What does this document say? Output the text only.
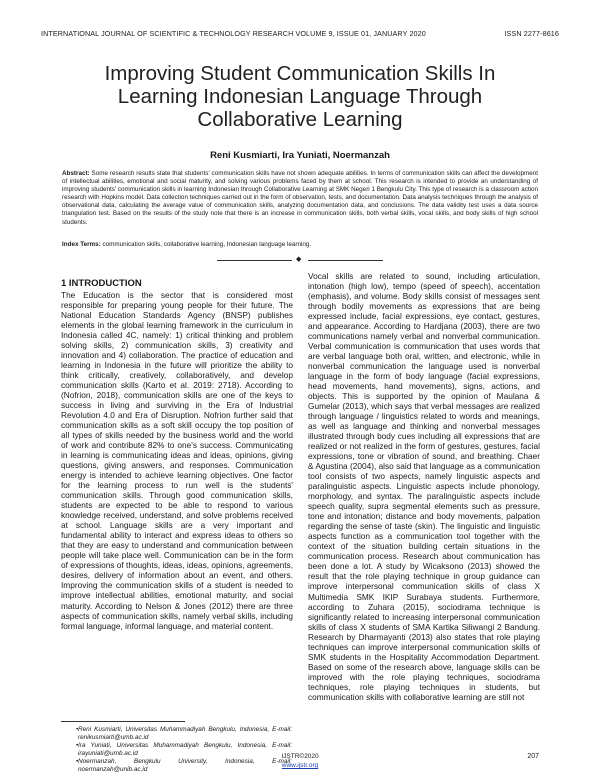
INTERNATIONAL JOURNAL OF SCIENTIFIC & TECHNOLOGY RESEARCH VOLUME 9, ISSUE 01, JANUARY 2020	ISSN 2277-8616
Improving Student Communication Skills In
Learning Indonesian Language Through
Collaborative Learning
Reni Kusmiarti, Ira Yuniati, Noermanzah
Abstract: Some research results state that students' communication skills have not shown adequate abilities. In terms of communication skills can affect the development of intellectual abilities, emotional and social maturity, and solving various problems faced by them at school. This research is intended to provide an understanding of improving students' communication skills in learning Indonesian through Collaborative Learning at SMK Negeri 1 Bengkulu City. This type of research is a classroom action research with Hopkins model. Data collection techniques carried out in the form of observation, tests, and documentation. Data analysis techniques through the analysis of observational data, calculating the average value of communication skills, analyzing documentation data, and conclusions. The data validity test uses a data source triangulation test. Based on the results of the study note that there is an increase in communication skills, both verbal skills, vocal skills, and body skills of high school students.
Index Terms: communication skills, collaborative learning, Indonesian language learning.
◆
1 INTRODUCTION

The Education is the sector that is considered most responsible for preparing young people for their future. The National Education Standards Agency (BNSP) publishes elements in the global learning framework in the curriculum in Indonesia called 4C, namely: 1) critical thinking and problem solving skills, 2) communication skills, 3) creativity and innovation and 4) collaboration. The practice of education and learning in Indonesia in the future will prioritize the ability to think critically, creatively, collaboratively, and develop communication skills (Karto et al. 2019: 2718). According to (Nofrion, 2018), communication skills are one of the keys to success in living and surviving in the Era of Industrial Revolution 4.0 and Era of Disruption. Nofrion further said that communication skills as a soft skill occupy the top position of all types of skills needed by the business world and the world of work and contribute 82% to one's success. Communicating in learning is communicating ideas and ideas, opinions, giving questions, giving answers, and responses. Communication energy is intended to achieve learning objectives. One factor for the learning process to run well is the students' communication skills. Through good communication skills, students are expected to be able to respond to various knowledge received, understand, and solve problems received at school. Language skills are a very important and fundamental ability to interact and express ideas to others so that they are easy to understand and communication between people will take place well. Communication can be in the form of expressions of thoughts, ideas, ideas, opinions, agreements, desires, delivery of information about an event, and others. Improving the communication skills of a student is needed to improve intellectual abilities, emotional maturity, and social maturity. According to Nelson & Jones (2012) there are three aspects of communication skills, namely verbal skills, including formal language, informal language, and material content.

Vocal skills are related to sound, including articulation, intonation (high low), tempo (speed of speech), accentation (emphasis), and volume. Body skills consist of messages sent through bodily movements as expressions that are being expressed include, facial expressions, eye contact, gestures, and appearance. According to Hardjana (2003), there are two communications namely verbal and nonverbal communication. Verbal communication is communication that uses words that are verbal language both oral, written, and electronic, while in nonverbal communication the language used is nonverbal language in the form of body language (facial expressions, head movements, hand movements), signs, actions, and objects. This is supported by the opinion of Maulana & Gumelar (2013), which says that verbal messages are realized through language / linguistics related to words and meanings, as well as language and thinking and nonverbal messages illustrated through body cues including all expressions that are realized or not realized in the form of gestures, gestures, facial expressions, tone or vibration of sound, and breathing. Chaer & Agustina (2004), also said that language as a communication tool consists of two aspects, namely linguistic aspects and paralinguistic aspects. Linguistic aspects include phonology, morphology, and syntax. The paralinguistic aspects include speech quality, supra segmental elements such as pressure, tone and intonation; distance and body movements, palpation regarding the sense of taste (skin). The linguistic and linguistic aspects function as a communication tool together with the context of the situation building certain situations in the communication process. Research about communication has been done a lot. A study by Wicaksono (2013) showed the result that the role playing technique in group guidance can improve interpersonal communication skills of class X Multimedia SMK IKIP Surabaya students. Furthermore, according to Zuhara (2015), sociodrama technique is significantly related to increasing interpersonal communication skills of class X students of SMA Kartika Siliwangi 2 Bandung. Research by Dharmayanti (2013) also states that role playing techniques can improve interpersonal communication skills of SMK students in the Hospitality Accommodation Department. Based on some of the research above, language skills can be improved with the role playing techniques, sociodrama techniques, role playing techniques in students, but communication skills with collaborative learning are still not

• Reni Kusmiarti, Universitas Muhammadiyah Bengkulu, Indonesia, E-mail: renikusmiarti@umb.ac.id
• Ira Yuniati, Universitas Muhammadiyah Bengkulu, Indonesia, E-mail: irayuniati@umb.ac.id
• Noermanzah, Bengkulu University, Indonesia, E-mail: noermanzah@unib.ac.id
IJSTR©2020
www.ijstr.org
207
